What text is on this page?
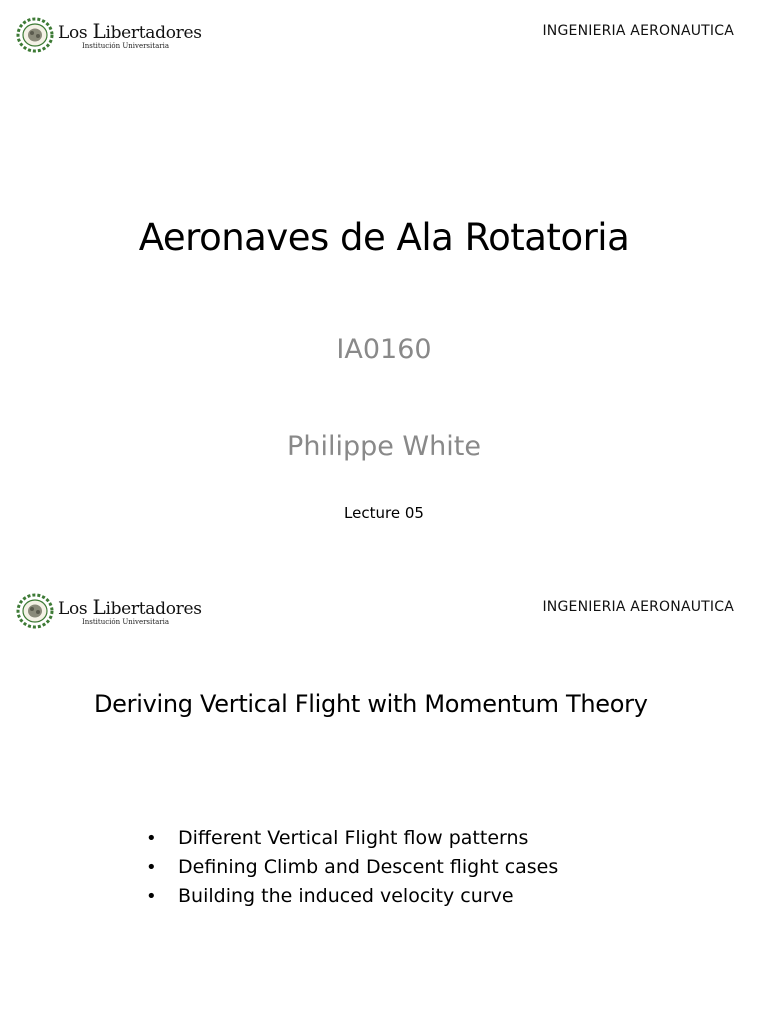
Los Libertadores
Institución Universitaria
INGENIERIA AERONAUTICA
Aeronaves de Ala Rotatoria
IA0160
Philippe White
Lecture 05
Los Libertadores
Institución Universitaria
INGENIERIA AERONAUTICA
Deriving Vertical Flight with Momentum Theory
• Different Vertical Flight flow patterns
• Defining Climb and Descent flight cases
• Building the induced velocity curve
